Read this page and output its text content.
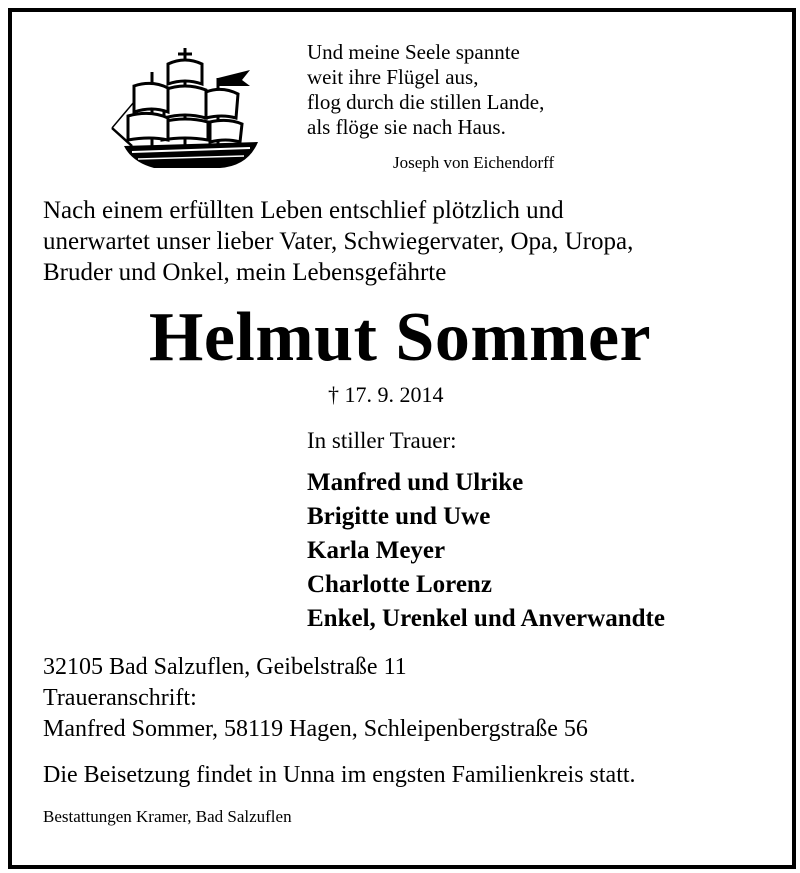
Und meine Seele spannte
weit ihre Flügel aus,
flog durch die stillen Lande,
als flöge sie nach Haus.
Joseph von Eichendorff
Nach einem erfüllten Leben entschlief plötzlich und
unerwartet unser lieber Vater, Schwiegervater, Opa, Uropa,
Bruder und Onkel, mein Lebensgefährte
Helmut Sommer
† 17. 9. 2014
In stiller Trauer:
Manfred und Ulrike
Brigitte und Uwe
Karla Meyer
Charlotte Lorenz
Enkel, Urenkel und Anverwandte
32105 Bad Salzuflen, Geibelstraße 11
Traueranschrift:
Manfred Sommer, 58119 Hagen, Schleipenbergstraße 56
Die Beisetzung findet in Unna im engsten Familienkreis statt.
Bestattungen Kramer, Bad Salzuflen
